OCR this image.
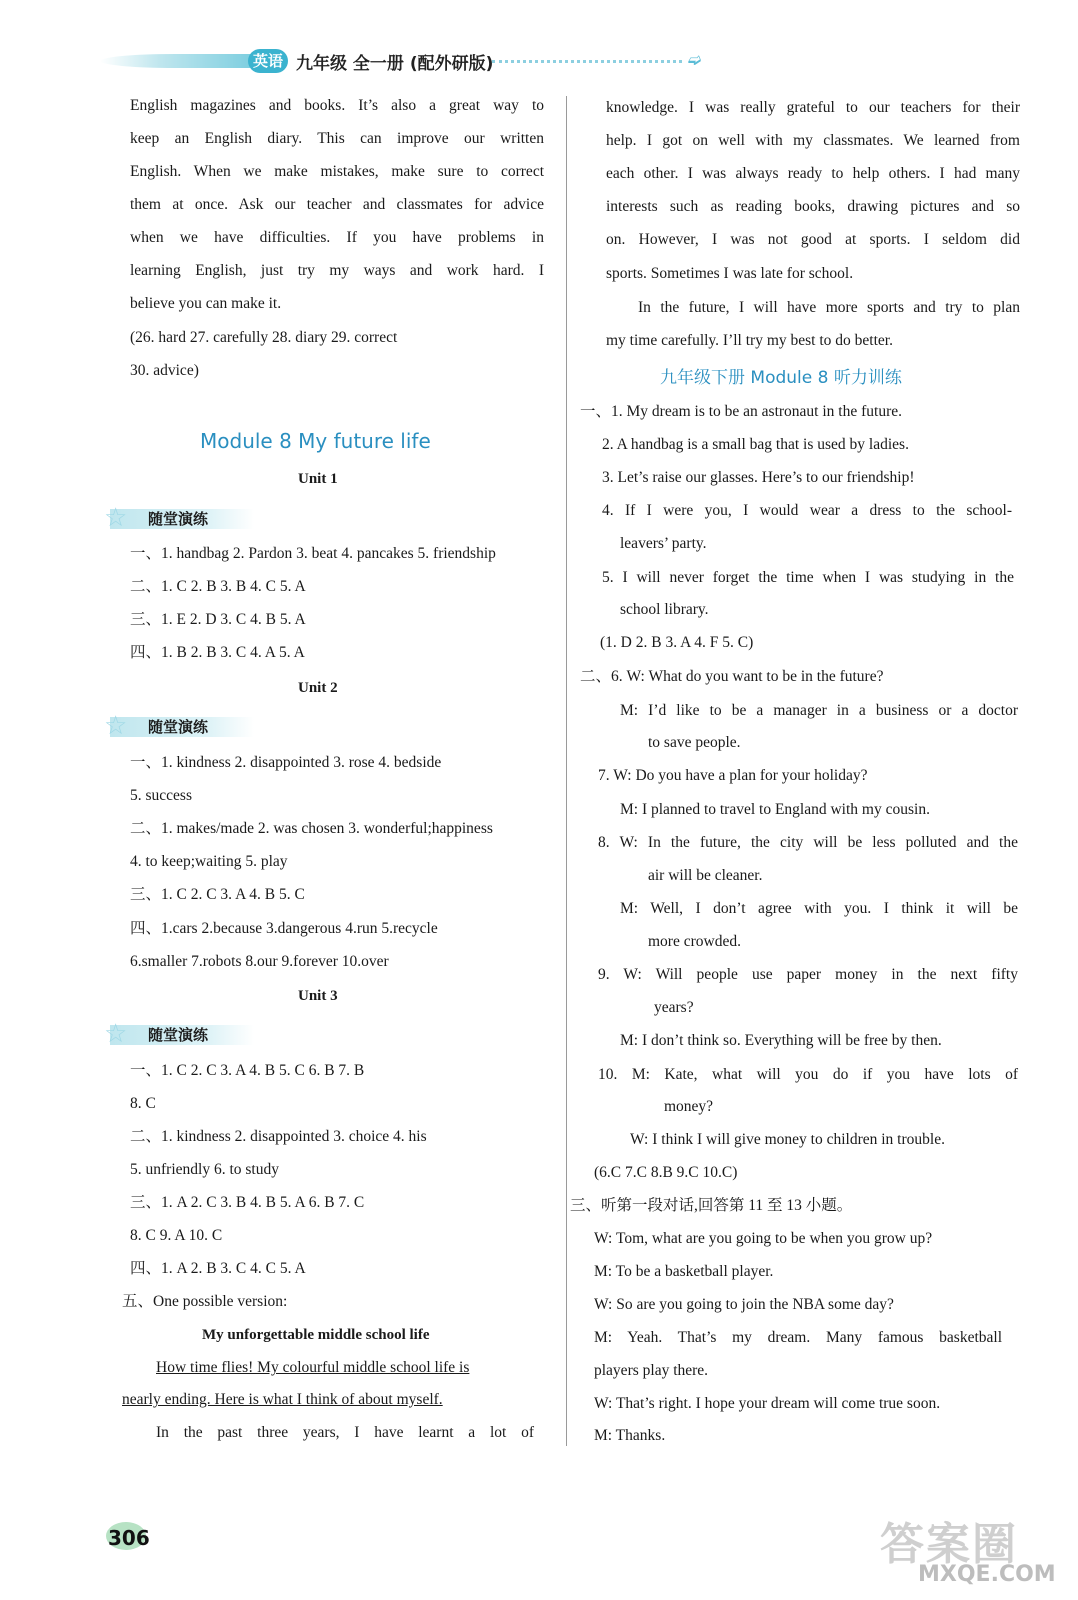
英语 九年级 全一册 (配外研版)	➫
English magazines and books. It’s also a great way to
keep an English diary. This can improve our written
English. When we make mistakes, make sure to correct
them at once. Ask our teacher and classmates for advice
when we have difficulties. If you have problems in
learning English, just try my ways and work hard. I
believe you can make it.
(26. hard 27. carefully 28. diary 29. correct
30. advice)
Module 8 My future life
Unit 1
☆ 随堂演练
一、1. handbag 2. Pardon 3. beat 4. pancakes 5. friendship
二、1. C 2. B 3. B 4. C 5. A
三、1. E 2. D 3. C 4. B 5. A
四、1. B 2. B 3. C 4. A 5. A
Unit 2
☆ 随堂演练
一、1. kindness 2. disappointed 3. rose 4. bedside
5. success
二、1. makes/made 2. was chosen 3. wonderful;happiness
4. to keep;waiting 5. play
三、1. C 2. C 3. A 4. B 5. C
四、1.cars 2.because 3.dangerous 4.run 5.recycle
6.smaller 7.robots 8.our 9.forever 10.over
Unit 3
☆ 随堂演练
一、1. C 2. C 3. A 4. B 5. C 6. B 7. B
8. C
二、1. kindness 2. disappointed 3. choice 4. his
5. unfriendly 6. to study
三、1. A 2. C 3. B 4. B 5. A 6. B 7. C
8. C 9. A 10. C
四、1. A 2. B 3. C 4. C 5. A
五、One possible version:
My unforgettable middle school life
How time flies! My colourful middle school life is
nearly ending. Here is what I think of about myself.
In the past three years, I have learnt a lot of
knowledge. I was really grateful to our teachers for their
help. I got on well with my classmates. We learned from
each other. I was always ready to help others. I had many
interests such as reading books, drawing pictures and so
on. However, I was not good at sports. I seldom did
sports. Sometimes I was late for school.
In the future, I will have more sports and try to plan
my time carefully. I’ll try my best to do better.
九年级下册 Module 8 听力训练
一、1. My dream is to be an astronaut in the future.
2. A handbag is a small bag that is used by ladies.
3. Let’s raise our glasses. Here’s to our friendship!
4. If I were you, I would wear a dress to the school-
leavers’ party.
5. I will never forget the time when I was studying in the
school library.
(1. D 2. B 3. A 4. F 5. C)
二、6. W: What do you want to be in the future?
M: I’d like to be a manager in a business or a doctor
to save people.
7. W: Do you have a plan for your holiday?
M: I planned to travel to England with my cousin.
8. W: In the future, the city will be less polluted and the
air will be cleaner.
M: Well, I don’t agree with you. I think it will be
more crowded.
9. W: Will people use paper money in the next fifty
years?
M: I don’t think so. Everything will be free by then.
10. M: Kate, what will you do if you have lots of
money?
W: I think I will give money to children in trouble.
(6.C 7.C 8.B 9.C 10.C)
三、听第一段对话,回答第 11 至 13 小题。
W: Tom, what are you going to be when you grow up?
M: To be a basketball player.
W: So are you going to join the NBA some day?
M: Yeah. That’s my dream. Many famous basketball
players play there.
W: That’s right. I hope your dream will come true soon.
M: Thanks.
306	答案圈
MXQE.COM
